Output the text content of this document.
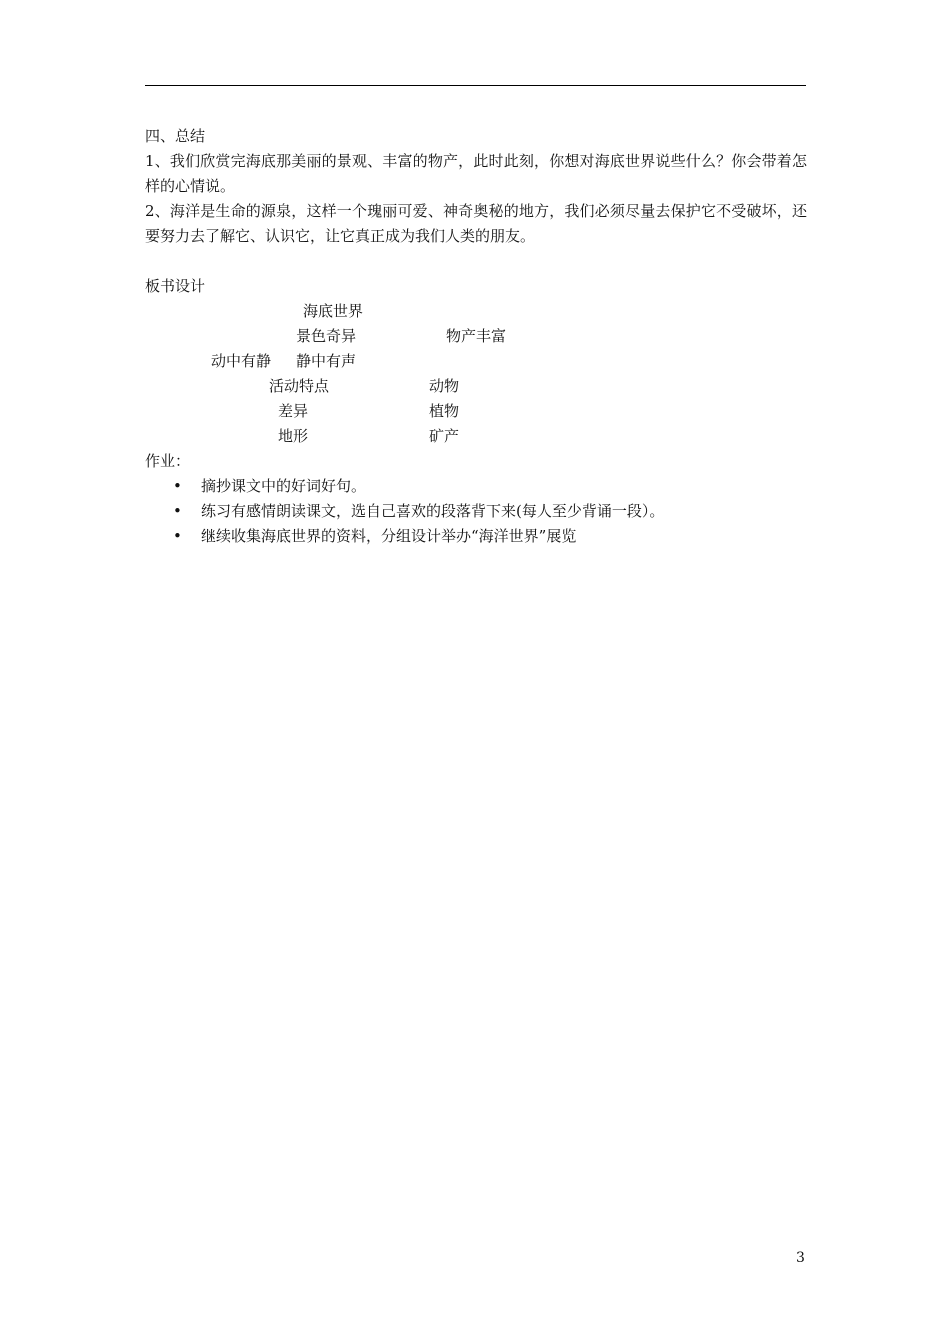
四、总结

1、我们欣赏完海底那美丽的景观、丰富的物产，此时此刻，你想对海底世界说些什么？你会带着怎样的心情说。

2、海洋是生命的源泉，这样一个瑰丽可爱、神奇奥秘的地方，我们必须尽量去保护它不受破坏，还要努力去了解它、认识它，让它真正成为我们人类的朋友。

板书设计

海底世界
景色奇异	物产丰富
动中有静 静中有声
活动特点	动物
差异	植物
地形	矿产

作业：

• 摘抄课文中的好词好句。
• 练习有感情朗读课文，选自己喜欢的段落背下来(每人至少背诵一段）。
• 继续收集海底世界的资料，分组设计举办“海洋世界”展览
3
